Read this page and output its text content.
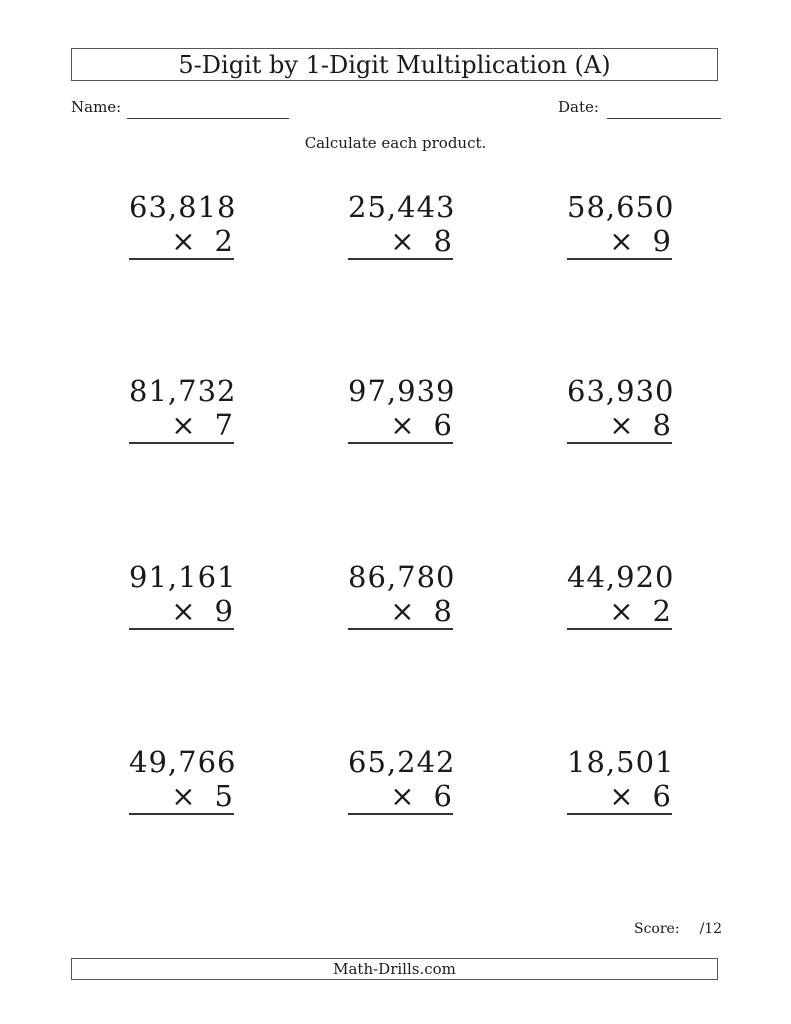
5-Digit by 1-Digit Multiplication (A)
Name:	Date:
Calculate each product.
63,818
× 2
25,443
× 8
58,650
× 9
81,732
× 7
97,939
× 6
63,930
× 8
91,161
× 9
86,780
× 8
44,920
× 2
49,766
× 5
65,242
× 6
18,501
× 6
Score: /12
Math-Drills.com
